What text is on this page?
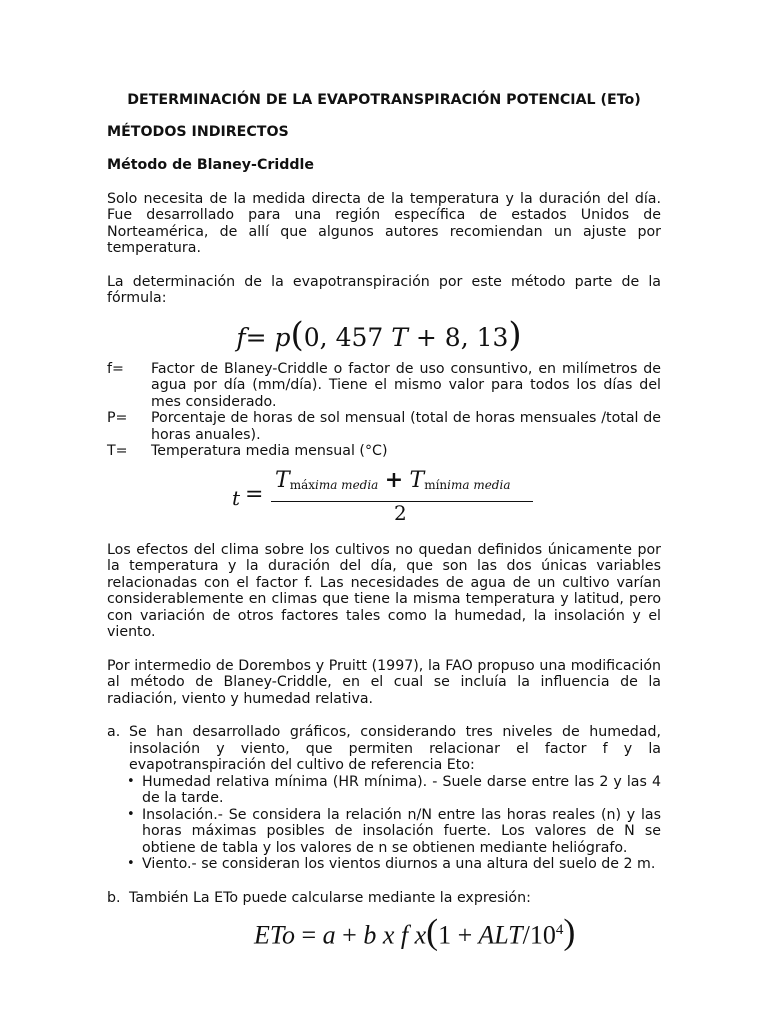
DETERMINACIÓN DE LA EVAPOTRANSPIRACIÓN POTENCIAL (ETo)

MÉTODOS INDIRECTOS

Método de Blaney-Criddle

Solo necesita de la medida directa de la temperatura y la duración del día. Fue desarrollado para una región específica de estados Unidos de Norteamérica, de allí que algunos autores recomiendan un ajuste por temperatura.

La determinación de la evapotranspiración por este método parte de la fórmula:

f= p(0, 457 T + 8, 13)
f=	Factor de Blaney-Criddle o factor de uso consuntivo, en milímetros de agua por día (mm/día). Tiene el mismo valor para todos los días del mes considerado.
P=	Porcentaje de horas de sol mensual (total de horas mensuales /total de horas anuales).
T=	Temperatura media mensual (°C)
t =
$T_{máxima media} + T_{mínima media}$
2

Los efectos del clima sobre los cultivos no quedan definidos únicamente por la temperatura y la duración del día, que son las dos únicas variables relacionadas con el factor f. Las necesidades de agua de un cultivo varían considerablemente en climas que tiene la misma temperatura y latitud, pero con variación de otros factores tales como la humedad, la insolación y el viento.

Por intermedio de Dorembos y Pruitt (1997), la FAO propuso una modificación al método de Blaney-Criddle, en el cual se incluía la influencia de la radiación, viento y humedad relativa.

a. Se han desarrollado gráficos, considerando tres niveles de humedad, insolación y viento, que permiten relacionar el factor f y la evapotranspiración del cultivo de referencia Eto:
• Humedad relativa mínima (HR mínima). - Suele darse entre las 2 y las 4 de la tarde.
• Insolación.- Se considera la relación n/N entre las horas reales (n) y las horas máximas posibles de insolación fuerte. Los valores de N se obtiene de tabla y los valores de n se obtienen mediante heliógrafo.
• Viento.- se consideran los vientos diurnos a una altura del suelo de 2 m.
b. También La ETo puede calcularse mediante la expresión:
ETo = a + b x f x(1 + ALT/$10^4$)
